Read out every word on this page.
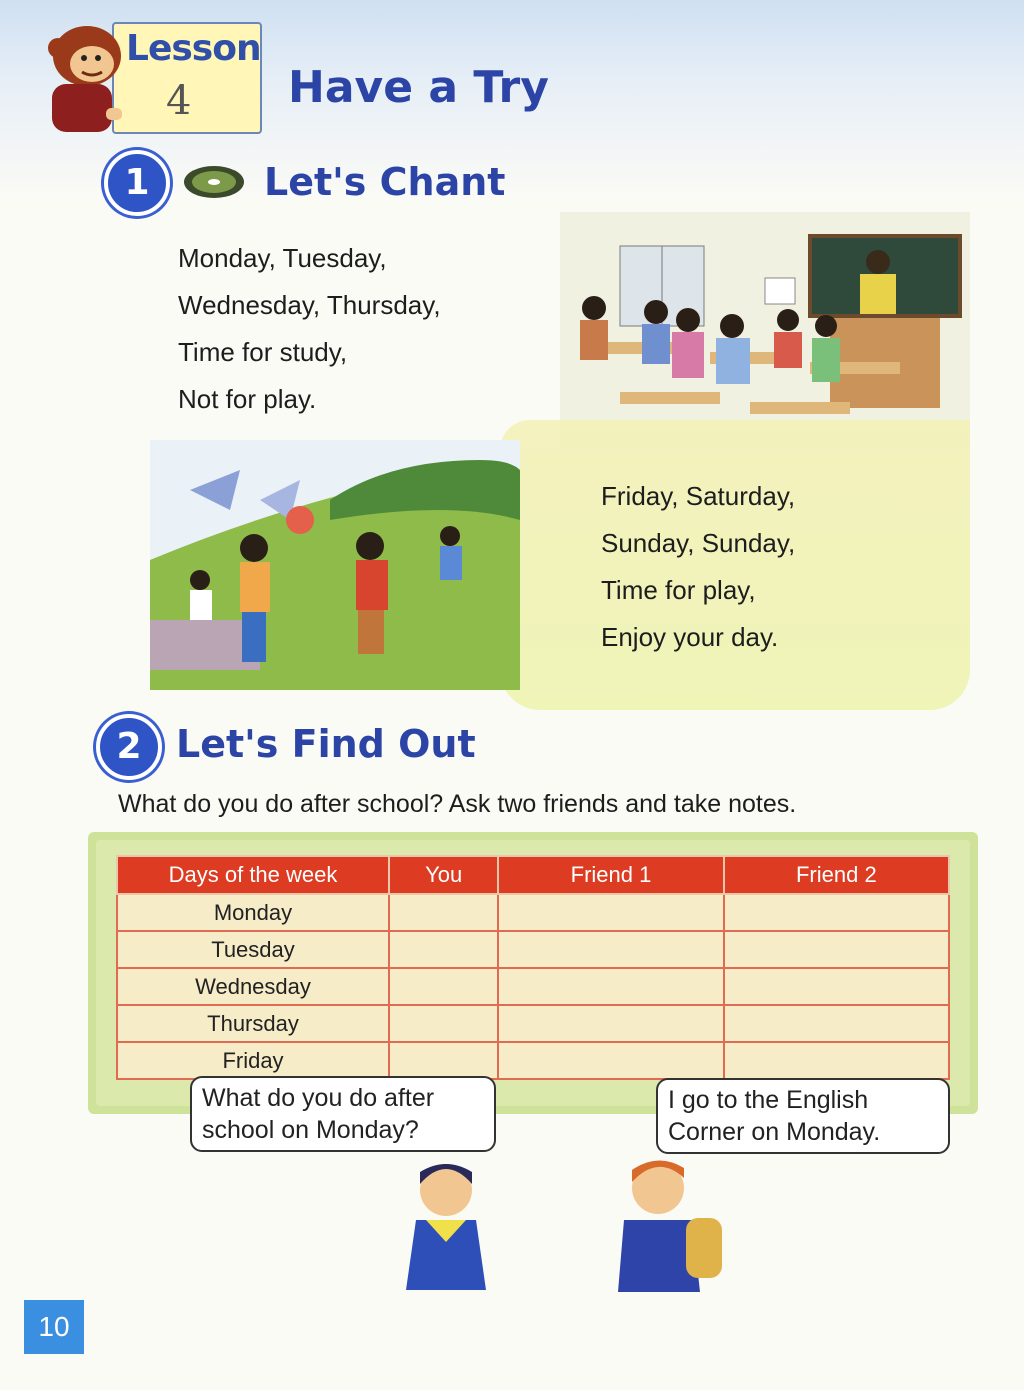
Lesson
4 Have a Try
1	Let's Chant
Monday, Tuesday,
Wednesday, Thursday,
Time for study,
Not for play.
Friday, Saturday,
Sunday, Sunday,
Time for play,
Enjoy your day.
2 Let's Find Out
What do you do after school? Ask two friends and take notes.
Days of the week	You	Friend 1	Friend 2
Monday			
Tuesday			
Wednesday			
Thursday			
Friday			
What do you do after
school on Monday?
I go to the English
Corner on Monday.
10
